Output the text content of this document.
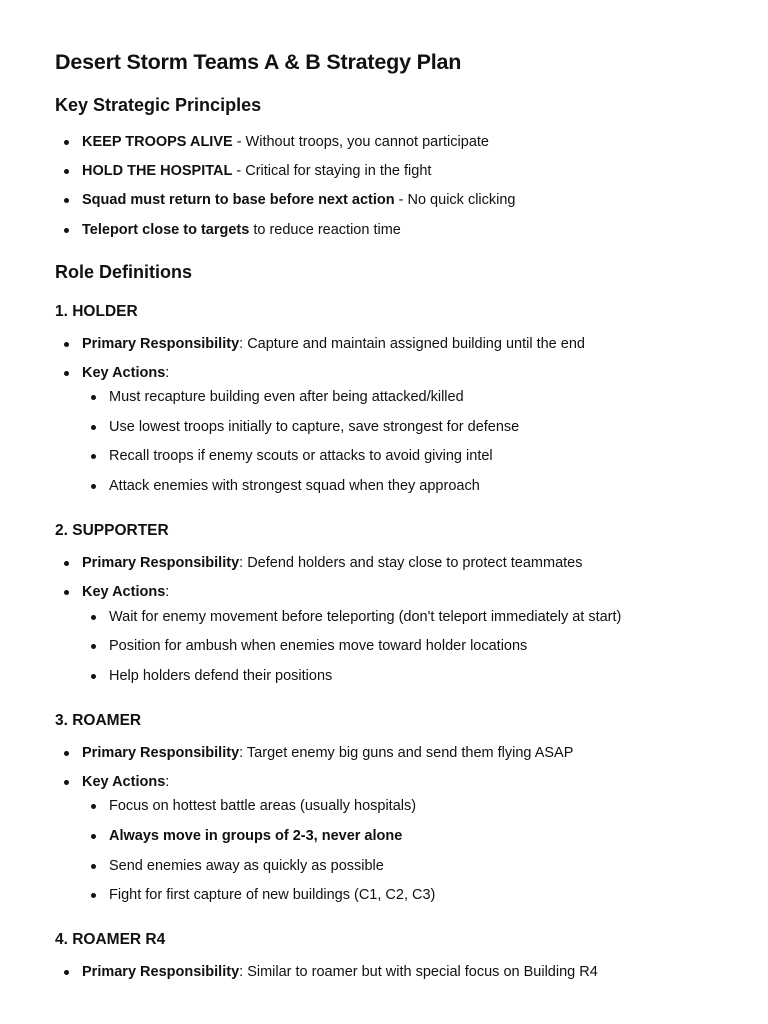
Desert Storm Teams A & B Strategy Plan
Key Strategic Principles
KEEP TROOPS ALIVE - Without troops, you cannot participate
HOLD THE HOSPITAL - Critical for staying in the fight
Squad must return to base before next action - No quick clicking
Teleport close to targets to reduce reaction time
Role Definitions
1. HOLDER
Primary Responsibility: Capture and maintain assigned building until the end
Key Actions:
Must recapture building even after being attacked/killed
Use lowest troops initially to capture, save strongest for defense
Recall troops if enemy scouts or attacks to avoid giving intel
Attack enemies with strongest squad when they approach
2. SUPPORTER
Primary Responsibility: Defend holders and stay close to protect teammates
Key Actions:
Wait for enemy movement before teleporting (don't teleport immediately at start)
Position for ambush when enemies move toward holder locations
Help holders defend their positions
3. ROAMER
Primary Responsibility: Target enemy big guns and send them flying ASAP
Key Actions:
Focus on hottest battle areas (usually hospitals)
Always move in groups of 2-3, never alone
Send enemies away as quickly as possible
Fight for first capture of new buildings (C1, C2, C3)
4. ROAMER R4
Primary Responsibility: Similar to roamer but with special focus on Building R4
